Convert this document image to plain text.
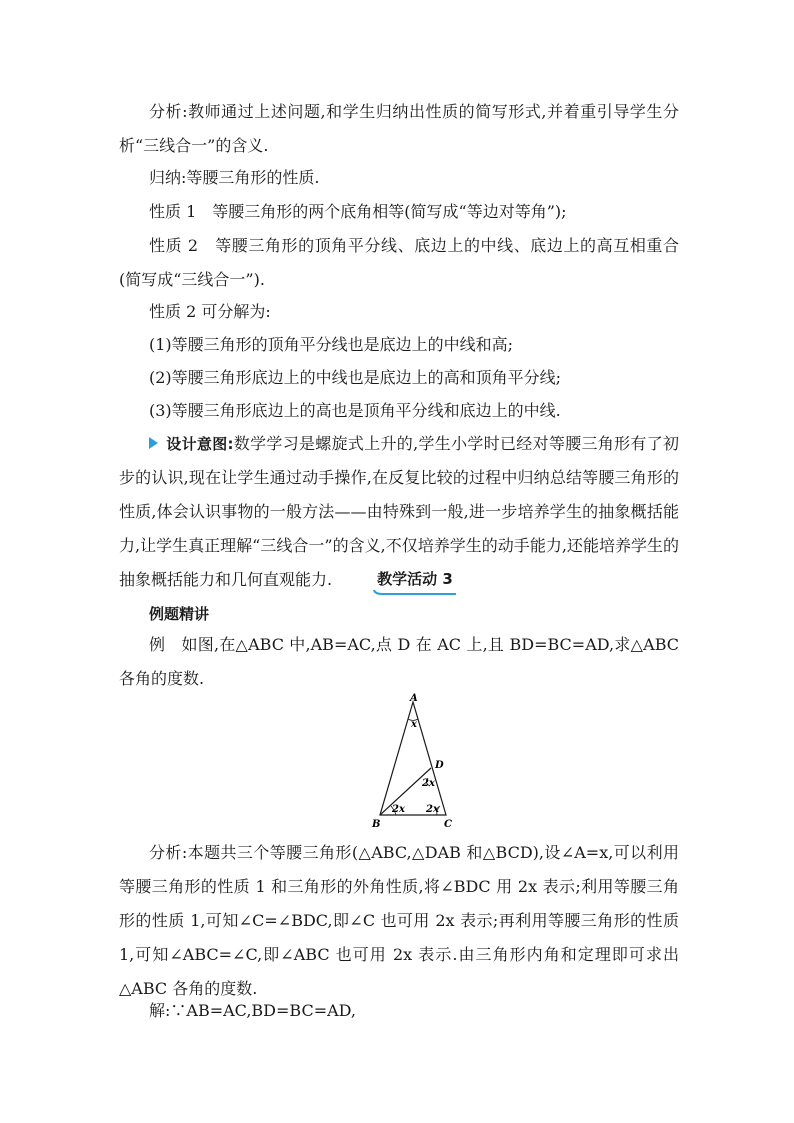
分析:教师通过上述问题,和学生归纳出性质的简写形式,并着重引导学生分析“三线合一”的含义.

归纳:等腰三角形的性质.
性质 1　等腰三角形的两个底角相等(简写成“等边对等角”);

性质 2　等腰三角形的顶角平分线、底边上的中线、底边上的高互相重合(简写成“三线合一”).

性质 2 可分解为:
(1)等腰三角形的顶角平分线也是底边上的中线和高;
(2)等腰三角形底边上的中线也是底边上的高和顶角平分线;
(3)等腰三角形底边上的高也是顶角平分线和底边上的中线.

设计意图:数学学习是螺旋式上升的,学生小学时已经对等腰三角形有了初步的认识,现在让学生通过动手操作,在反复比较的过程中归纳总结等腰三角形的性质,体会认识事物的一般方法——由特殊到一般,进一步培养学生的抽象概括能力,让学生真正理解“三线合一”的含义,不仅培养学生的动手能力,还能培养学生的抽象概括能力和几何直观能力.	教学活动 3
例题精讲

例　如图,在△ABC 中,AB=AC,点 D 在 AC 上,且 BD=BC=AD,求△ABC 各角的度数.

A
B	C
D
x
2x
2x 2x

分析:本题共三个等腰三角形(△ABC,△DAB 和△BCD),设∠A=x,可以利用等腰三角形的性质 1 和三角形的外角性质,将∠BDC 用 2x 表示;利用等腰三角形的性质 1,可知∠C=∠BDC,即∠C 也可用 2x 表示;再利用等腰三角形的性质 1,可知∠ABC=∠C,即∠ABC 也可用 2x 表示.由三角形内角和定理即可求出△ABC 各角的度数.

解:∵AB=AC,BD=BC=AD,
